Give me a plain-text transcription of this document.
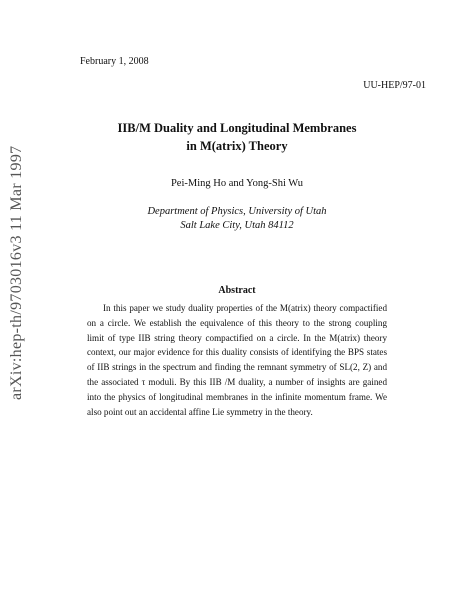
February 1, 2008
UU-HEP/97-01
IIB/M Duality and Longitudinal Membranes
in M(atrix) Theory
Pei-Ming Ho and Yong-Shi Wu
Department of Physics, University of Utah
Salt Lake City, Utah 84112
Abstract
In this paper we study duality properties of the M(atrix) theory compactified
on a circle. We establish the equivalence of this theory to the strong coupling
limit of type IIB string theory compactified on a circle. In the M(atrix) theory
context, our major evidence for this duality consists of identifying the BPS states
of IIB strings in the spectrum and finding the remnant symmetry of SL(2, Z) and
the associated τ moduli. By this IIB /M duality, a number of insights are gained
into the physics of longitudinal membranes in the infinite momentum frame. We
also point out an accidental affine Lie symmetry in the theory.
arXiv:hep-th/9703016v3 11 Mar 1997
